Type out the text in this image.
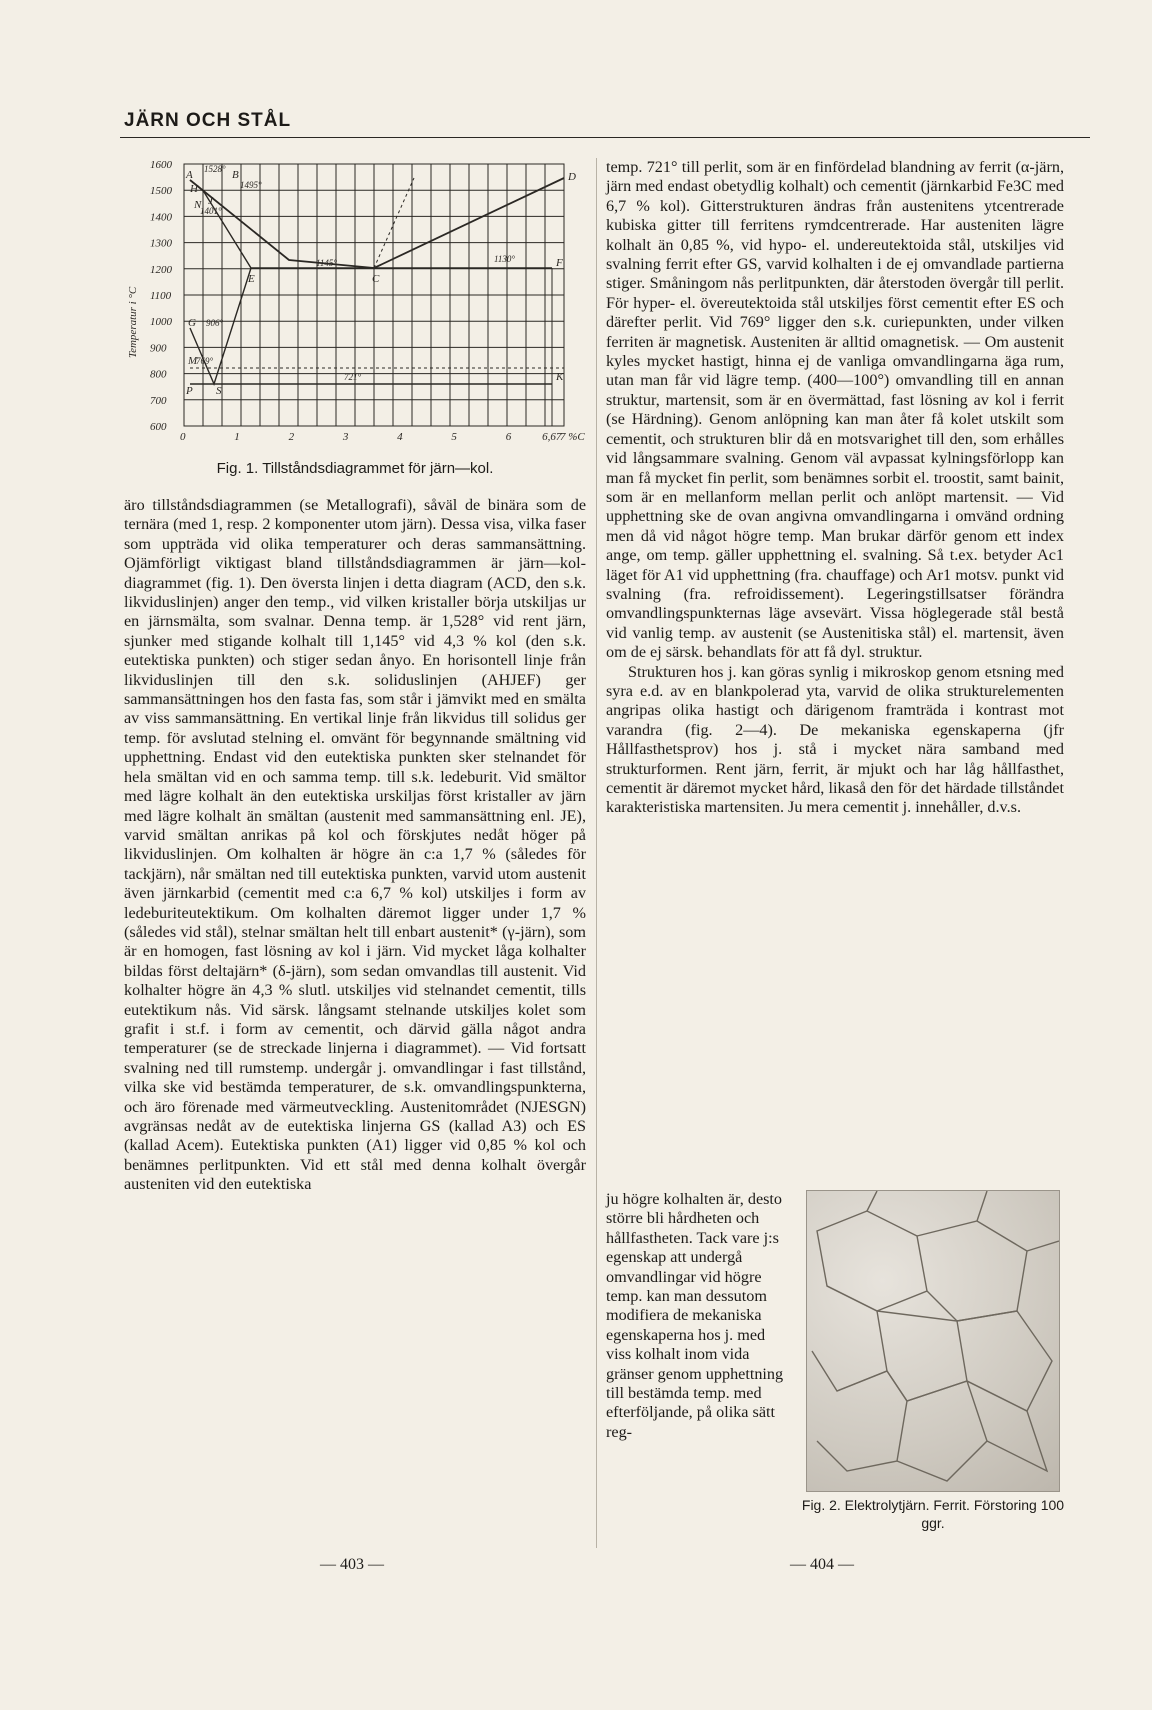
JÄRN OCH STÅL
1600
1500
1400
1300
1200
1100
1000
900
800
700
600
0	1	2	3	4	5	6	6,67
7 %C
Temperatur i °C
A	B
H
N
D
C
E
F
G
S
P
K
M
J
1528°
1495°
1401°
1145°	1130°
906°
769°
721°
Fig. 1. Tillståndsdiagrammet för järn—kol.

äro tillståndsdiagrammen (se Metallografi), såväl de binära som de ternära (med 1, resp. 2 komponenter utom järn). Dessa visa, vilka faser som uppträda vid olika temperaturer och deras sammansättning. Ojämförligt viktigast bland tillståndsdiagrammen är järn—kol-diagrammet (fig. 1). Den översta linjen i detta diagram (ACD, den s.k. likviduslinjen) anger den temp., vid vilken kristaller börja utskiljas ur en järnsmälta, som svalnar. Denna temp. är 1,528° vid rent järn, sjunker med stigande kolhalt till 1,145° vid 4,3 % kol (den s.k. eutektiska punkten) och stiger sedan ånyo. En horisontell linje från likviduslinjen till den s.k. soliduslinjen (AHJEF) ger sammansättningen hos den fasta fas, som står i jämvikt med en smälta av viss sammansättning. En vertikal linje från likvidus till solidus ger temp. för avslutad stelning el. omvänt för begynnande smältning vid upphettning. Endast vid den eutektiska punkten sker stelnandet för hela smältan vid en och samma temp. till s.k. ledeburit. Vid smältor med lägre kolhalt än den eutektiska urskiljas först kristaller av järn med lägre kolhalt än smältan (austenit med sammansättning enl. JE), varvid smältan anrikas på kol och förskjutes nedåt höger på likviduslinjen. Om kolhalten är högre än c:a 1,7 % (således för tackjärn), når smältan ned till eutektiska punkten, varvid utom austenit även järnkarbid (cementit med c:a 6,7 % kol) utskiljes i form av ledeburiteutektikum. Om kolhalten däremot ligger under 1,7 % (således vid stål), stelnar smältan helt till enbart austenit* (γ-järn), som är en homogen, fast lösning av kol i järn. Vid mycket låga kolhalter bildas först deltajärn* (δ-järn), som sedan omvandlas till austenit. Vid kolhalter högre än 4,3 % slutl. utskiljes vid stelnandet cementit, tills eutektikum nås. Vid särsk. långsamt stelnande utskiljes kolet som grafit i st.f. i form av cementit, och därvid gälla något andra temperaturer (se de streckade linjerna i diagrammet). — Vid fortsatt svalning ned till rumstemp. undergår j. omvandlingar i fast tillstånd, vilka ske vid bestämda temperaturer, de s.k. omvandlingspunkterna, och äro förenade med värmeutveckling. Austenitområdet (NJESGN) avgränsas nedåt av de eutektiska linjerna GS (kallad A3) och ES (kallad Acem). Eutektiska punkten (A1) ligger vid 0,85 % kol och benämnes perlitpunkten. Vid ett stål med denna kolhalt övergår austeniten vid den eutektiska

temp. 721° till perlit, som är en finfördelad blandning av ferrit (α-järn, järn med endast obetydlig kolhalt) och cementit (järnkarbid Fe3C med 6,7 % kol). Gitterstrukturen ändras från austenitens ytcentrerade kubiska gitter till ferritens rymdcentrerade. Har austeniten lägre kolhalt än 0,85 %, vid hypo- el. undereutektoida stål, utskiljes vid svalning ferrit efter GS, varvid kolhalten i de ej omvandlade partierna stiger. Småningom nås perlitpunkten, där återstoden övergår till perlit. För hyper- el. övereutektoida stål utskiljes först cementit efter ES och därefter perlit. Vid 769° ligger den s.k. curiepunkten, under vilken ferriten är magnetisk. Austeniten är alltid omagnetisk. — Om austenit kyles mycket hastigt, hinna ej de vanliga omvandlingarna äga rum, utan man får vid lägre temp. (400—100°) omvandling till en annan struktur, martensit, som är en övermättad, fast lösning av kol i ferrit (se Härdning). Genom anlöpning kan man åter få kolet utskilt som cementit, och strukturen blir då en motsvarighet till den, som erhålles vid långsammare svalning. Genom väl avpassat kylningsförlopp kan man få mycket fin perlit, som benämnes sorbit el. troostit, samt bainit, som är en mellanform mellan perlit och anlöpt martensit. — Vid upphettning ske de ovan angivna omvandlingarna i omvänd ordning men då vid något högre temp. Man brukar därför genom ett index ange, om temp. gäller upphettning el. svalning. Så t.ex. betyder Ac1 läget för A1 vid upphettning (fra. chauffage) och Ar1 motsv. punkt vid svalning (fra. refroidissement). Legeringstillsatser förändra omvandlingspunkternas läge avsevärt. Vissa höglegerade stål bestå vid vanlig temp. av austenit (se Austenitiska stål) el. martensit, även om de ej särsk. behandlats för att få dyl. struktur.

Strukturen hos j. kan göras synlig i mikroskop genom etsning med syra e.d. av en blankpolerad yta, varvid de olika strukturelementen angripas olika hastigt och därigenom framträda i kontrast mot varandra (fig. 2—4). De mekaniska egenskaperna (jfr Hållfasthetsprov) hos j. stå i mycket nära samband med strukturformen. Rent järn, ferrit, är mjukt och har låg hållfasthet, cementit är däremot mycket hård, likaså den för det härdade tillståndet karakteristiska martensiten. Ju mera cementit j. innehåller, d.v.s.

ju högre kolhalten är, desto större bli hårdheten och hållfastheten. Tack vare j:s egenskap att undergå omvandlingar vid högre temp. kan man dessutom modifiera de mekaniska egenskaperna hos j. med viss kolhalt inom vida gränser genom upphettning till bestämda temp. med efterföljande, på olika sätt reg-
Fig. 2. Elektrolytjärn. Ferrit. Förstoring 100 ggr.
— 403 —	— 404 —
